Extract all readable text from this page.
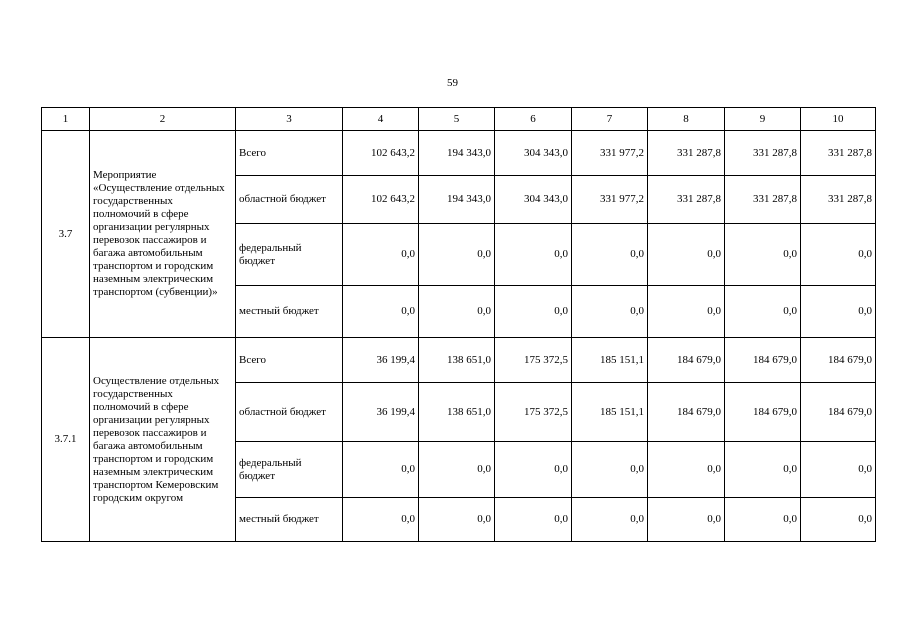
59
1	2	3	4	5	6	7	8	9	10
3.7	Мероприятие «Осуществление отдельных государственных полномочий в сфере организации регулярных перевозок пассажиров и багажа автомобильным транспортом и городским наземным электрическим транспортом (субвенции)»	Всего	102 643,2	194 343,0	304 343,0	331 977,2	331 287,8	331 287,8	331 287,8
		областной бюджет	102 643,2	194 343,0	304 343,0	331 977,2	331 287,8	331 287,8	331 287,8
		федеральный бюджет	0,0	0,0	0,0	0,0	0,0	0,0	0,0
		местный бюджет	0,0	0,0	0,0	0,0	0,0	0,0	0,0
3.7.1	Осуществление отдельных государственных полномочий в сфере организации регулярных перевозок пассажиров и багажа автомобильным транспортом и городским наземным электрическим транспортом Кемеровским городским округом	Всего	36 199,4	138 651,0	175 372,5	185 151,1	184 679,0	184 679,0	184 679,0
		областной бюджет	36 199,4	138 651,0	175 372,5	185 151,1	184 679,0	184 679,0	184 679,0
		федеральный бюджет	0,0	0,0	0,0	0,0	0,0	0,0	0,0
		местный бюджет	0,0	0,0	0,0	0,0	0,0	0,0	0,0
